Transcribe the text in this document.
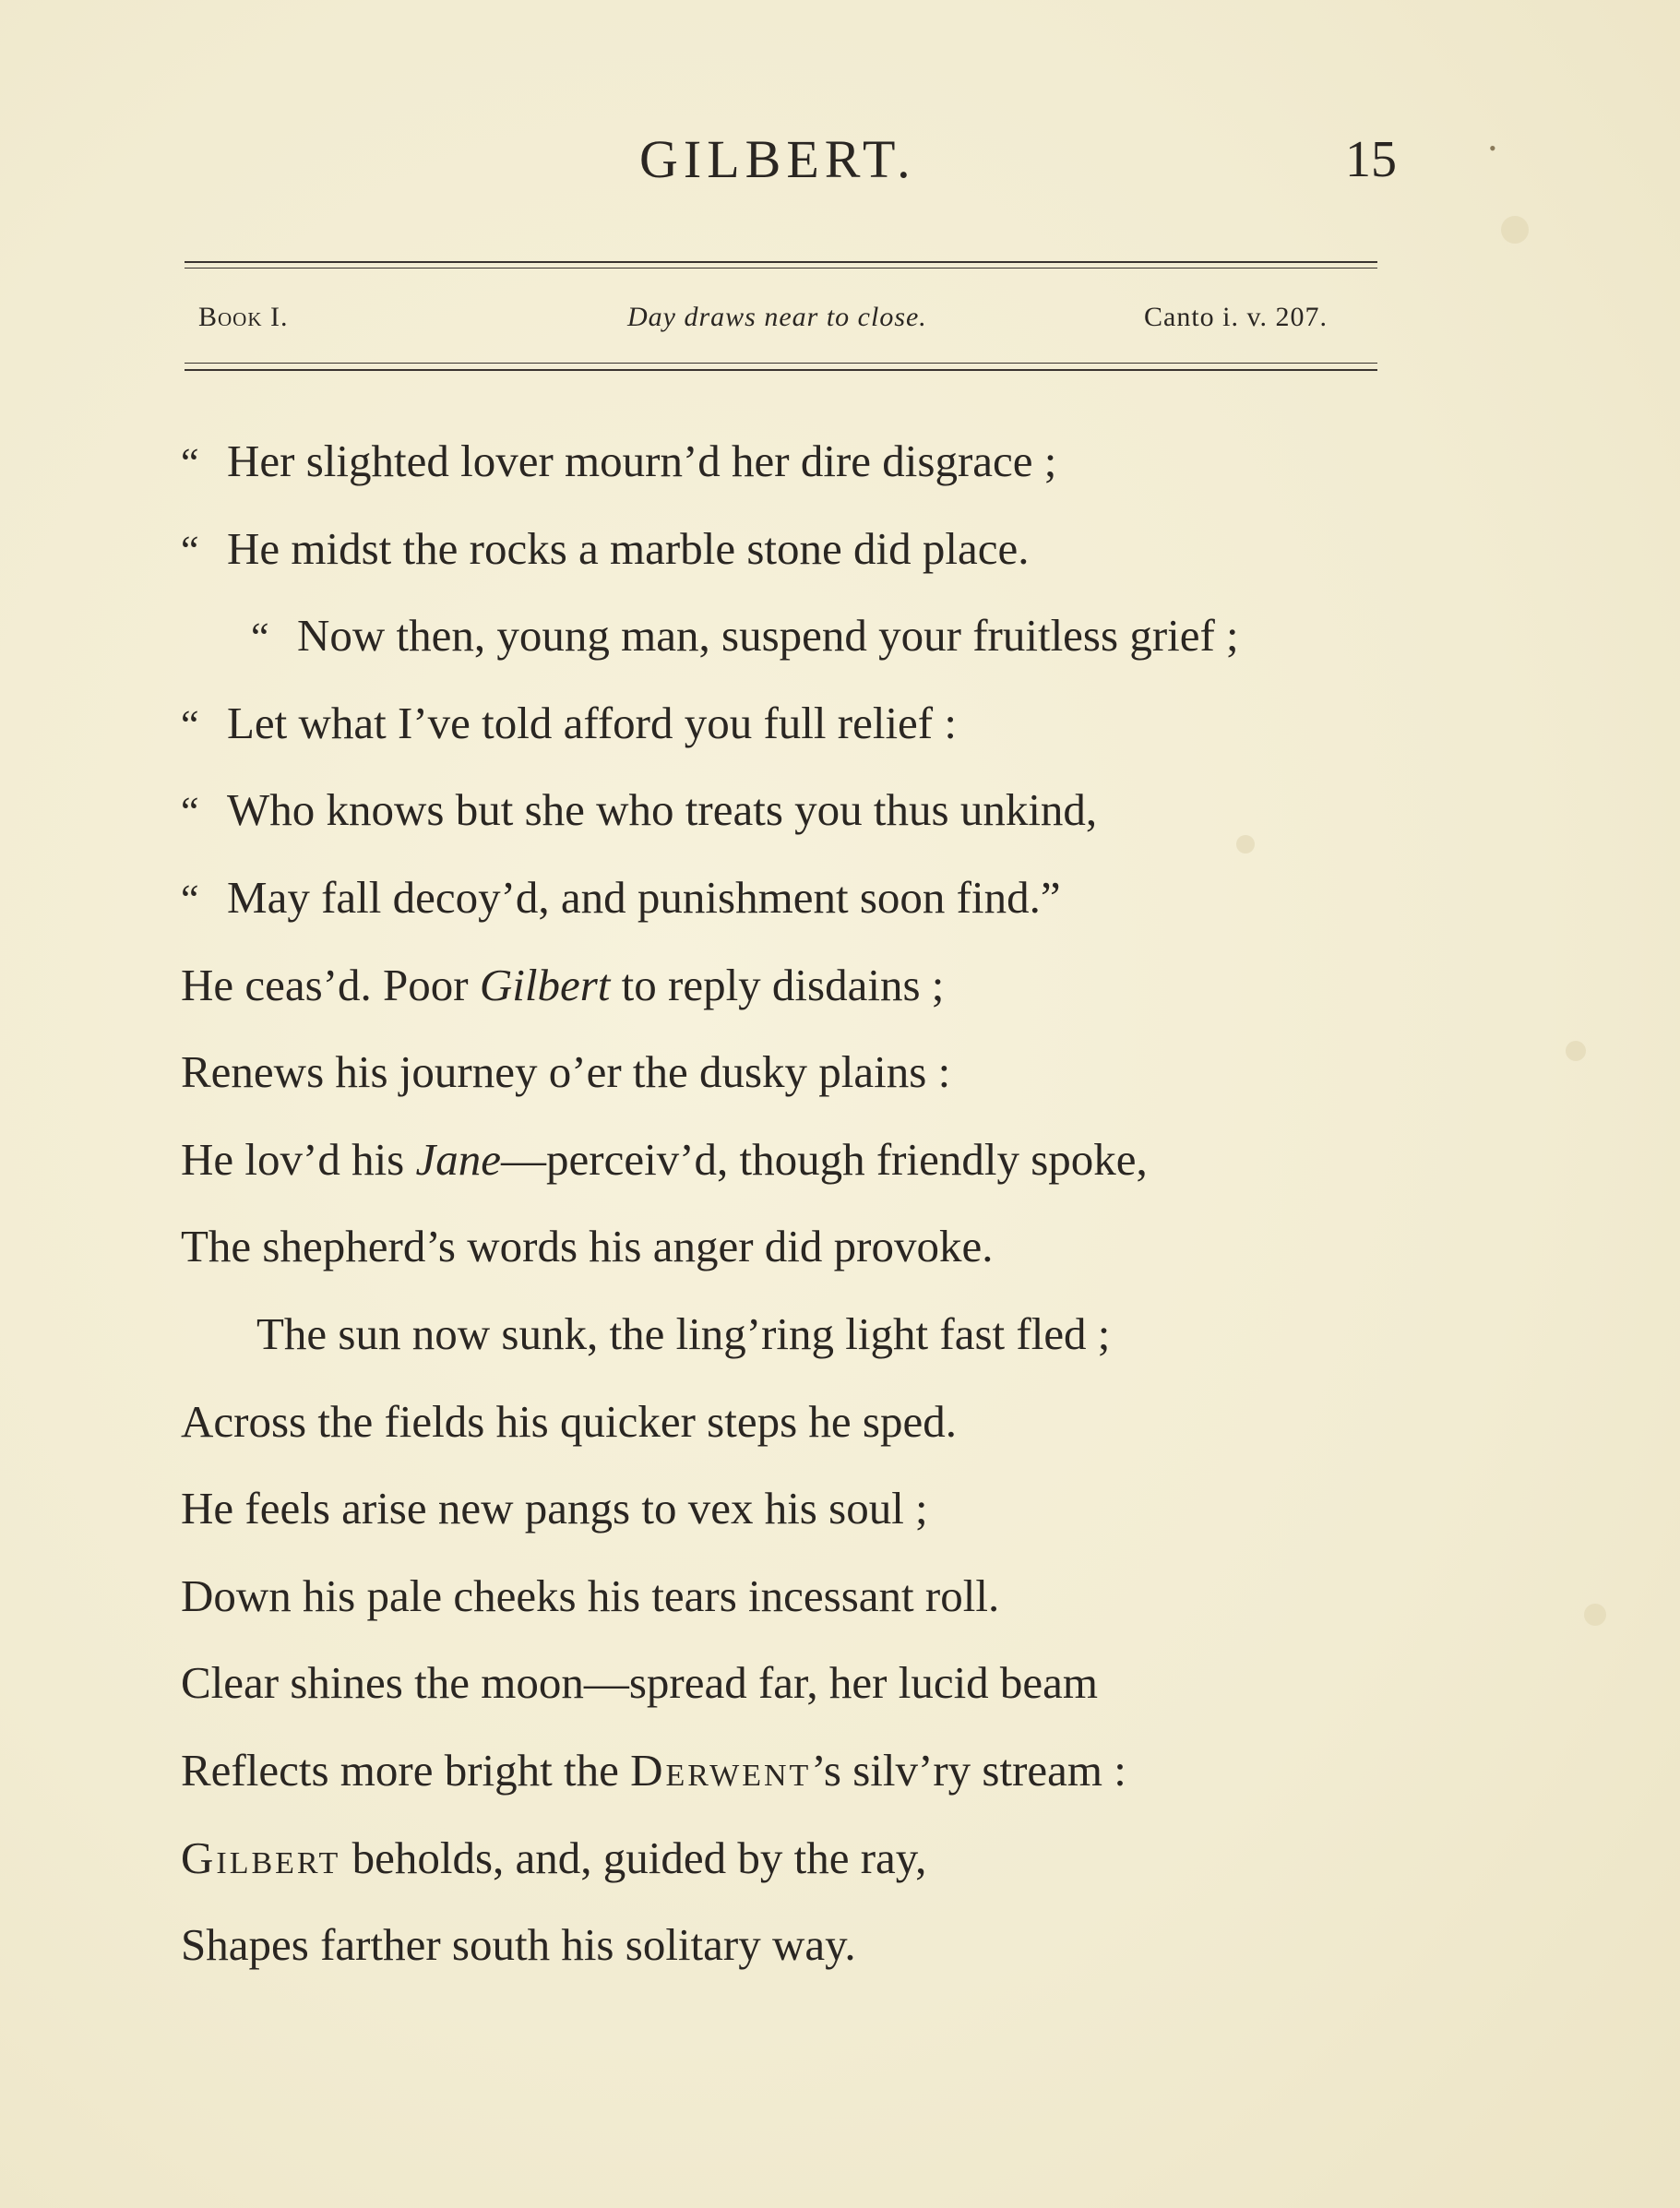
•
GILBERT.	15
Book I.	Day draws near to close.	Canto i. v. 207.
“ Her slighted lover mourn’d her dire disgrace ;
“ He midst the rocks a marble stone did place.
“ Now then, young man, suspend your fruitless grief ;
“ Let what I’ve told afford you full relief :
“ Who knows but she who treats you thus unkind,
“ May fall decoy’d, and punishment soon find.”
He ceas’d. Poor Gilbert to reply disdains ;
Renews his journey o’er the dusky plains :
He lov’d his Jane—perceiv’d, though friendly spoke,
The shepherd’s words his anger did provoke.
The sun now sunk, the ling’ring light fast fled ;
Across the fields his quicker steps he sped.
He feels arise new pangs to vex his soul ;
Down his pale cheeks his tears incessant roll.
Clear shines the moon—spread far, her lucid beam
Reflects more bright the Derwent’s silv’ry stream :
Gilbert beholds, and, guided by the ray,
Shapes farther south his solitary way.
